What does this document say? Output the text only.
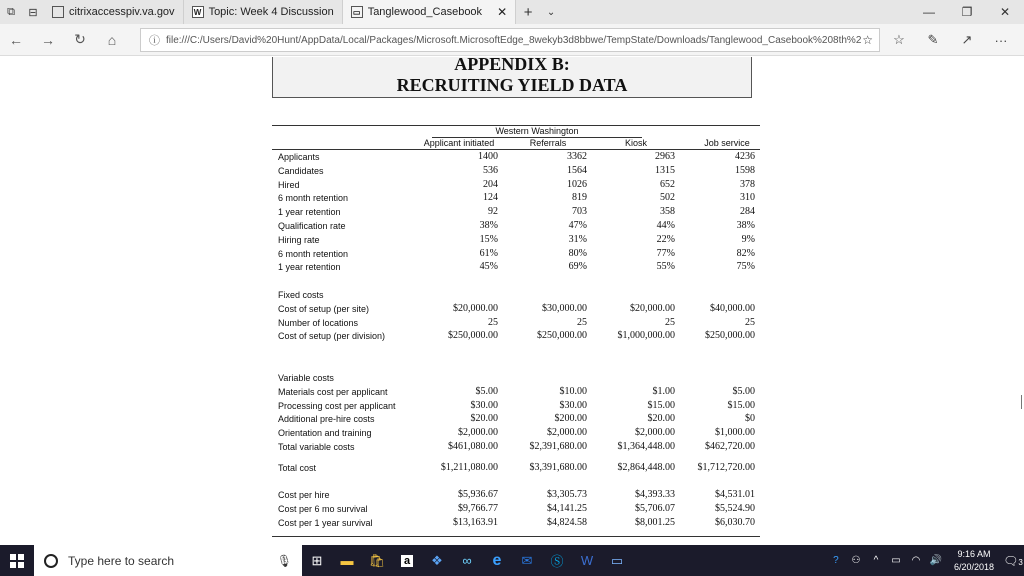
⧉	⊟	citrixaccesspiv.va.gov W Topic: Week 4 Discussion ▭ Tanglewood_Casebook ✕	+	⌄	—	❐	✕
←	→	↻	⌂	ⓘ file:///C:/Users/David%20Hunt/AppData/Local/Packages/Microsoft.MicrosoftEdge_8wekyb3d8bbwe/TempState/Downloads/Tanglewood_Casebook%208th%2 ☆	☆	✎	↗	···
APPENDIX B:
RECRUITING YIELD DATA
Western Washington
Applicant initiated	Referrals	Kiosk	Job service
Applicants	1400	3362	2963	4236
Candidates	536	1564	1315	1598
Hired	204	1026	652	378
6 month retention	124	819	502	310
1 year retention	92	703	358	284
Qualification rate	38%	47%	44%	38%
Hiring rate	15%	31%	22%	9%
6 month retention	61%	80%	77%	82%
1 year retention	45%	69%	55%	75%
Fixed costs
Cost of setup (per site)	$20,000.00	$30,000.00	$20,000.00	$40,000.00
Number of locations	25	25	25	25
Cost of setup (per division)	$250,000.00	$250,000.00	$1,000,000.00	$250,000.00
Variable costs
Materials cost per applicant	$5.00	$10.00	$1.00	$5.00
Processing cost per applicant	$30.00	$30.00	$15.00	$15.00
Additional pre-hire costs	$20.00	$200.00	$20.00	$0
Orientation and training	$2,000.00	$2,000.00	$2,000.00	$1,000.00
Total variable costs	$461,080.00	$2,391,680.00	$1,364,448.00	$462,720.00
Total cost	$1,211,080.00	$3,391,680.00	$2,864,448.00	$1,712,720.00
Cost per hire	$5,936.67	$3,305.73	$4,393.33	$4,531.01
Cost per 6 mo survival	$9,766.77	$4,141.25	$5,706.07	$5,524.90
Cost per 1 year survival	$13,163.91	$4,824.58	$8,001.25	$6,030.70
Type here to search	🎙	⊞	▬	🛍	a	❖	∞	e	✉	Ⓢ	W	▭	?	⚇	^	▭	◠ 🔊
9:16 AM
6/20/2018 🗨3
